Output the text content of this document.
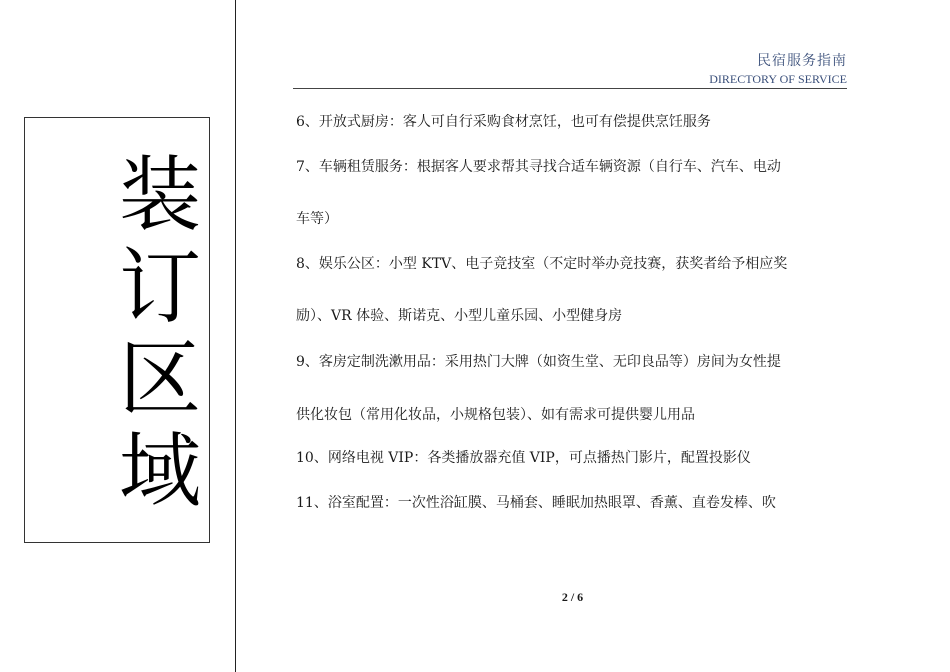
装
订
区
域
民宿服务指南
DIRECTORY OF SERVICE
6、开放式厨房：客人可自行采购食材烹饪，也可有偿提供烹饪服务
7、车辆租赁服务：根据客人要求帮其寻找合适车辆资源（自行车、汽车、电动
车等）
8、娱乐公区：小型 KTV、电子竞技室（不定时举办竞技赛，获奖者给予相应奖
励）、VR 体验、斯诺克、小型儿童乐园、小型健身房
9、客房定制洗漱用品：采用热门大牌（如资生堂、无印良品等）房间为女性提
供化妆包（常用化妆品，小规格包装）、如有需求可提供婴儿用品
10、网络电视 VIP：各类播放器充值 VIP，可点播热门影片，配置投影仪
11、浴室配置：一次性浴缸膜、马桶套、睡眠加热眼罩、香薰、直卷发棒、吹
2 / 6
